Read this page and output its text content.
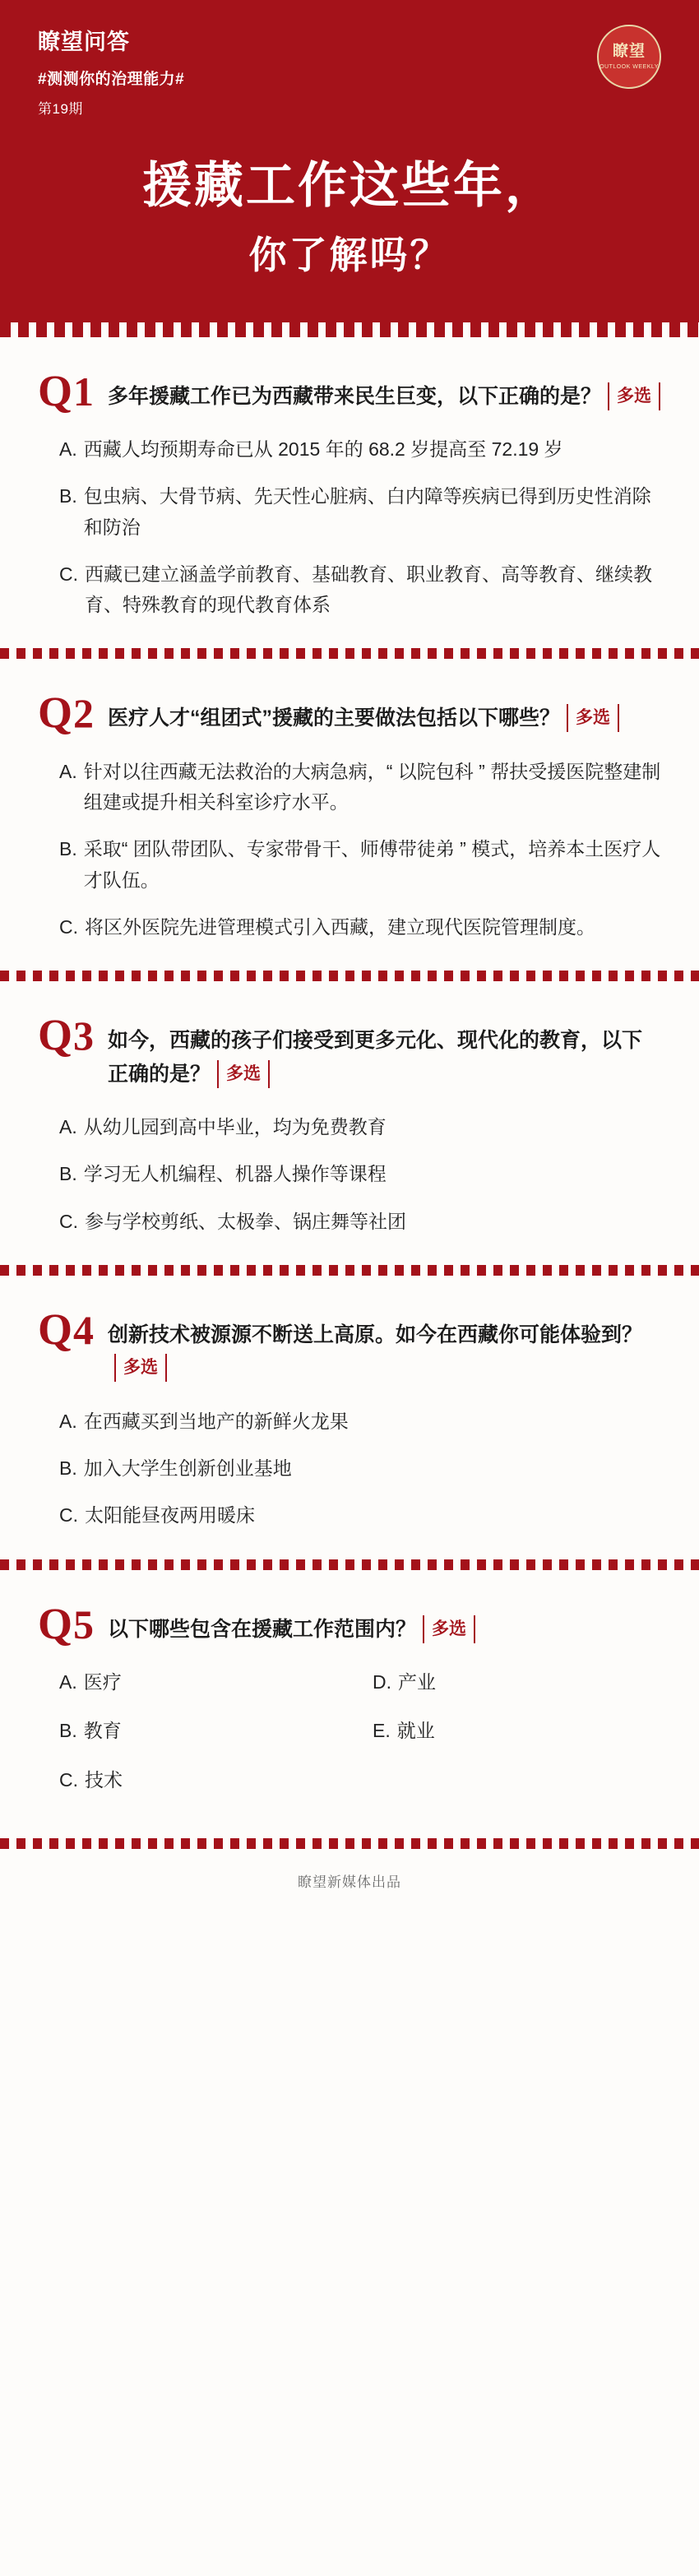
瞭望问答
#测测你的治理能力#
第19期
瞭望
OUTLOOK WEEKLY
援藏工作这些年，
你了解吗？
Q1 多年援藏工作已为西藏带来民生巨变，以下正确的是？ 多选
A. 西藏人均预期寿命已从 2015 年的 68.2 岁提高至 72.19 岁
B. 包虫病、大骨节病、先天性心脏病、白内障等疾病已得到历史性消除和防治
C. 西藏已建立涵盖学前教育、基础教育、职业教育、高等教育、继续教育、特殊教育的现代教育体系
Q2 医疗人才“组团式”援藏的主要做法包括以下哪些？ 多选
A. 针对以往西藏无法救治的大病急病，“ 以院包科 ” 帮扶受援医院整建制组建或提升相关科室诊疗水平。
B. 采取“ 团队带团队、专家带骨干、师傅带徒弟 ” 模式，培养本土医疗人才队伍。
C. 将区外医院先进管理模式引入西藏，建立现代医院管理制度。
Q3 如今，西藏的孩子们接受到更多元化、现代化的教育，以下正确的是？ 多选
A. 从幼儿园到高中毕业，均为免费教育
B. 学习无人机编程、机器人操作等课程
C. 参与学校剪纸、太极拳、锅庄舞等社团
Q4 创新技术被源源不断送上高原。如今在西藏你可能体验到？多选
A. 在西藏买到当地产的新鲜火龙果
B. 加入大学生创新创业基地
C. 太阳能昼夜两用暖床
Q5 以下哪些包含在援藏工作范围内？ 多选
A. 医疗	D. 产业
B. 教育	E. 就业
C. 技术
瞭望新媒体出品
